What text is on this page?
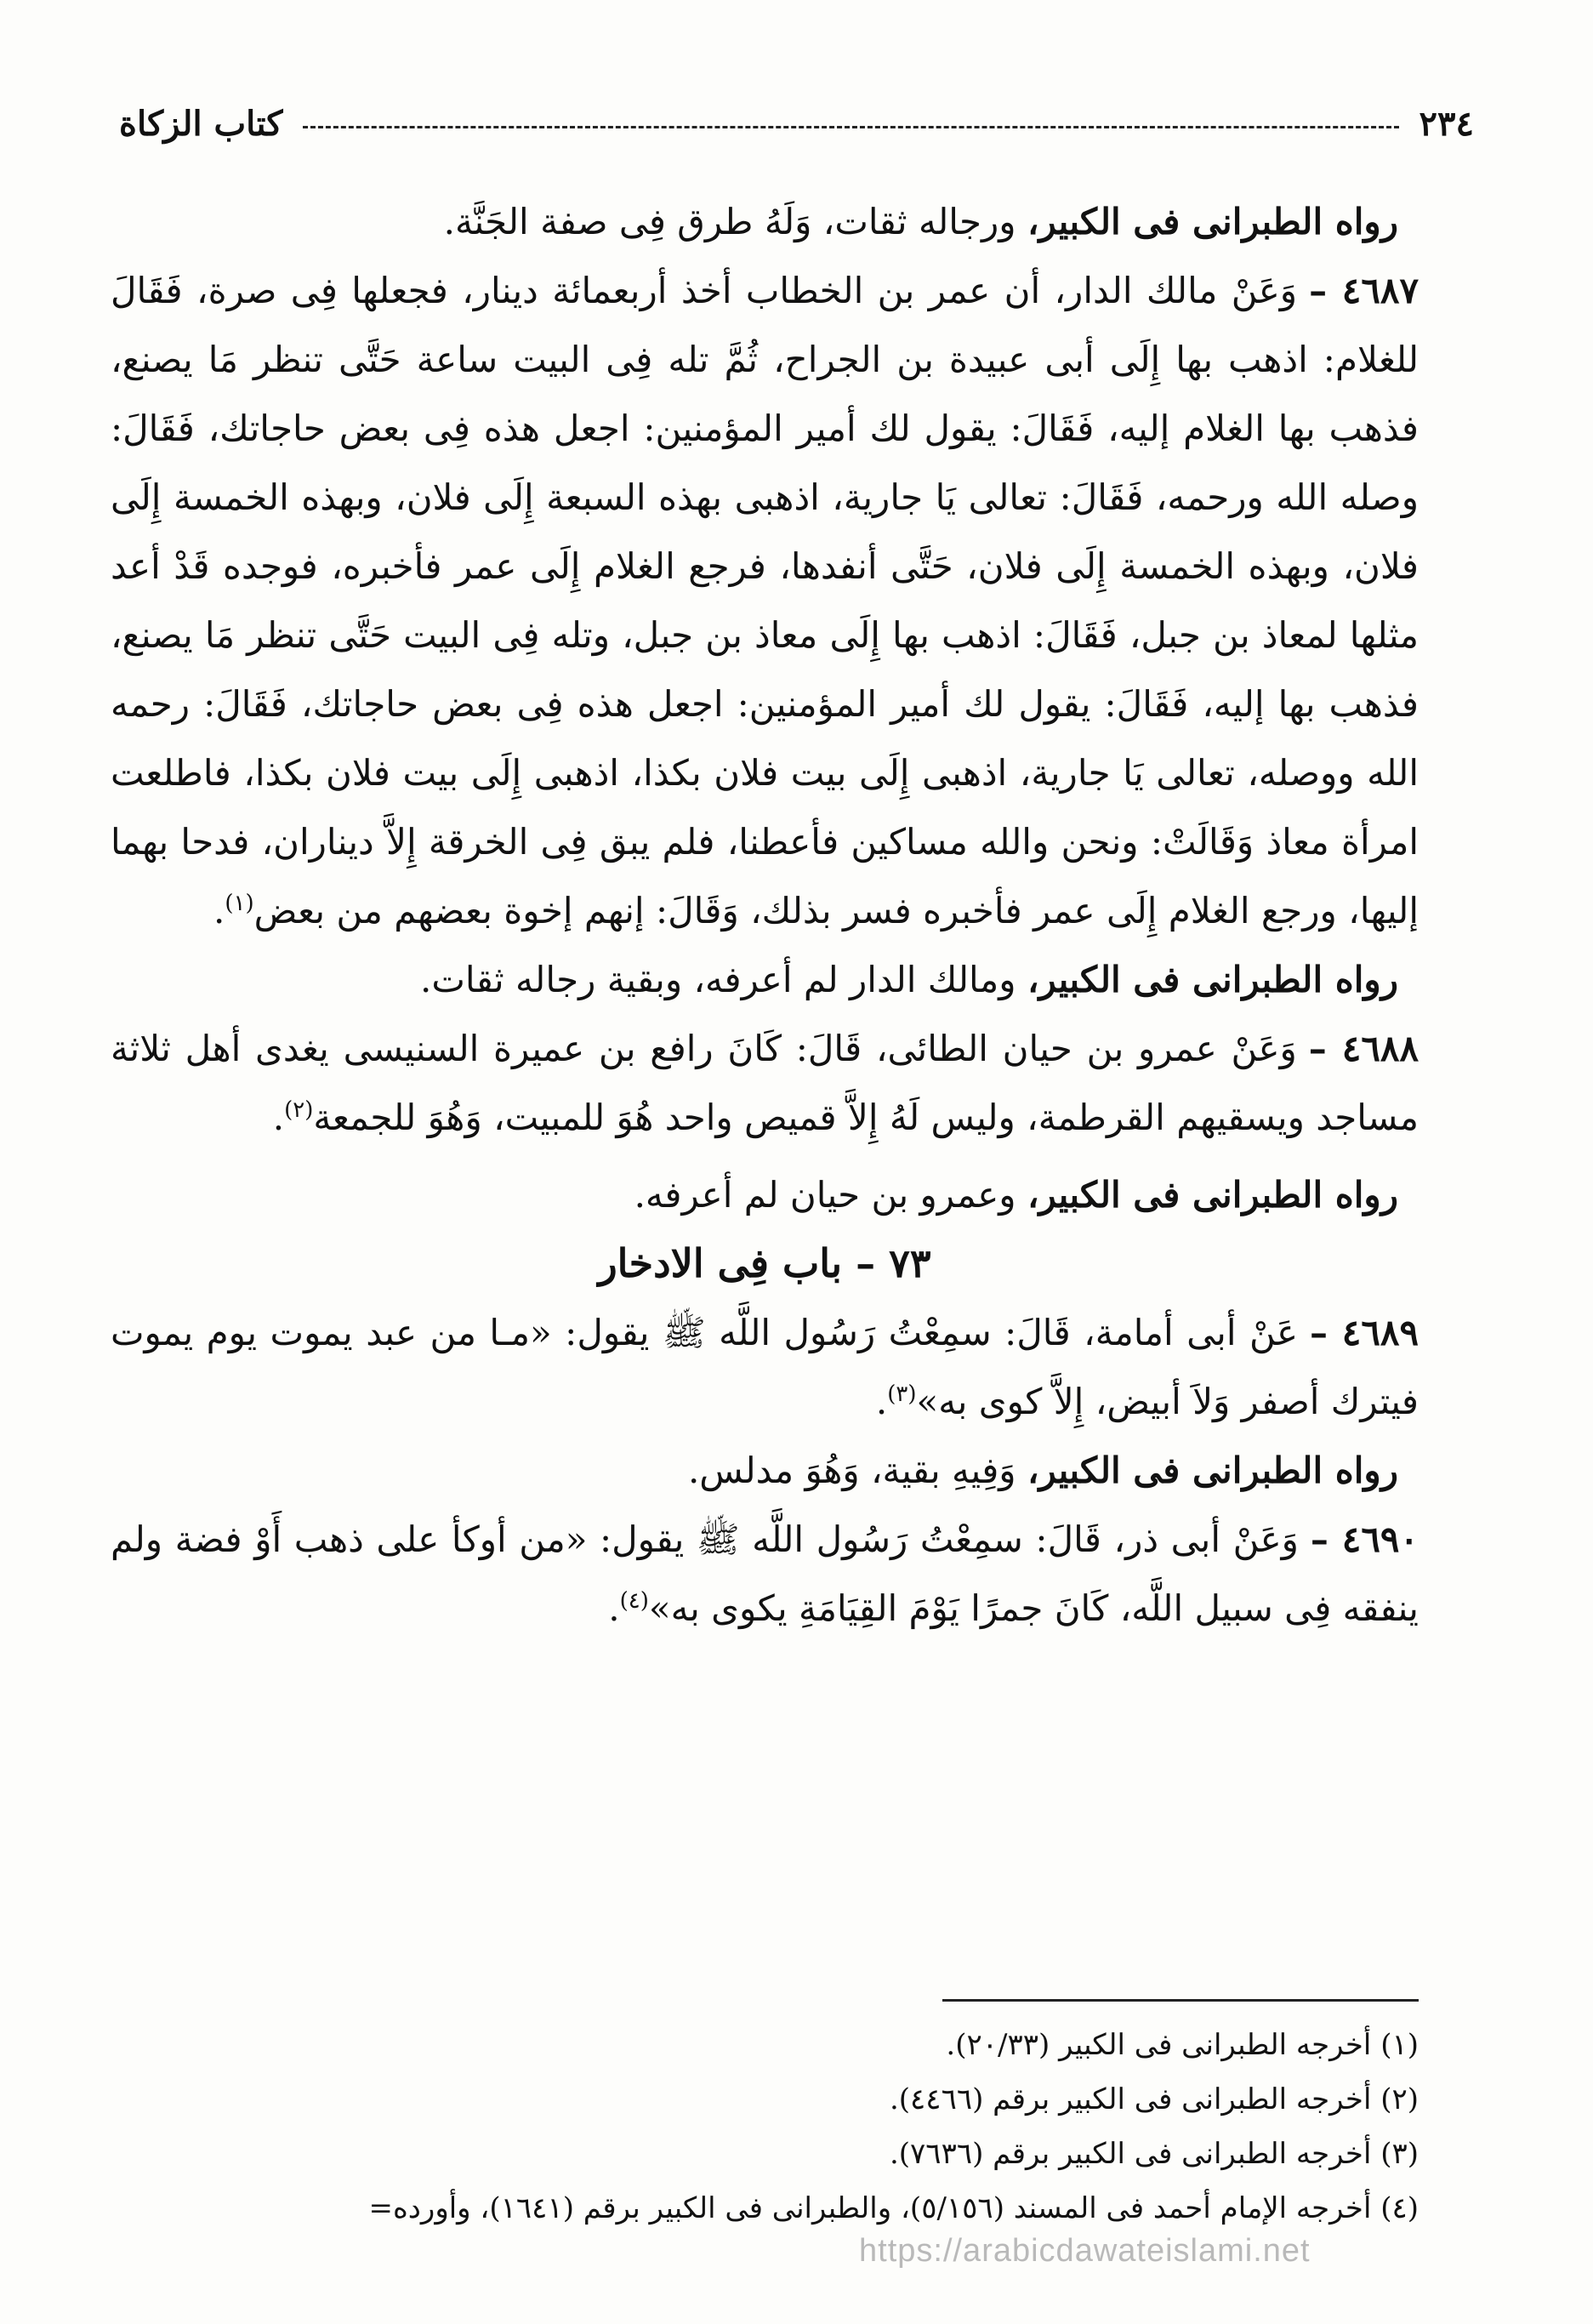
٢٣٤
كتاب الزكاة

رواه الطبرانى فى الكبير، ورجاله ثقات، وَلَهُ طرق فِى صفة الجَنَّة.

٤٦٨٧ –وَعَنْ مالك الدار، أن عمر بن الخطاب أخذ أربعمائة دينار، فجعلها فِى صرة، فَقَالَ للغلام: اذهب بها إِلَى أبى عبيدة بن الجراح، ثُمَّ تله فِى البيت ساعة حَتَّى تنظر مَا يصنع، فذهب بها الغلام إليه، فَقَالَ: يقول لك أمير المؤمنين: اجعل هذه فِى بعض حاجاتك، فَقَالَ: وصله الله ورحمه، فَقَالَ: تعالى يَا جارية، اذهبى بهذه السبعة إِلَى فلان، وبهذه الخمسة إِلَى فلان، وبهذه الخمسة إِلَى فلان، حَتَّى أنفدها، فرجع الغلام إِلَى عمر فأخبره، فوجده قَدْ أعد مثلها لمعاذ بن جبل، فَقَالَ: اذهب بها إِلَى معاذ بن جبل، وتله فِى البيت حَتَّى تنظر مَا يصنع، فذهب بها إليه، فَقَالَ: يقول لك أمير المؤمنين: اجعل هذه فِى بعض حاجاتك، فَقَالَ: رحمه الله ووصله، تعالى يَا جارية، اذهبى إِلَى بيت فلان بكذا، اذهبى إِلَى بيت فلان بكذا، فاطلعت امرأة معاذ وَقَالَتْ: ونحن والله مساكين فأعطنا، فلم يبق فِى الخرقة إِلاَّ ديناران، فدحا بهما إليها، ورجع الغلام إِلَى عمر فأخبره فسر بذلك، وَقَالَ: إنهم إخوة بعضهم من بعض$^{(١)}$.

رواه الطبرانى فى الكبير، ومالك الدار لم أعرفه، وبقية رجاله ثقات.

٤٦٨٨ –وَعَنْ عمرو بن حيان الطائى، قَالَ: كَانَ رافع بن عميرة السنيسى يغدى أهل ثلاثة مساجد ويسقيهم القرطمة، وليس لَهُ إِلاَّ قميص واحد هُوَ للمبيت، وَهُوَ للجمعة$^{(٢)}$.

رواه الطبرانى فى الكبير، وعمرو بن حيان لم أعرفه.

٧٣ – باب فِى الادخار

٤٦٨٩ –عَنْ أبى أمامة، قَالَ: سمِعْتُ رَسُول اللَّه ﷺ يقول: «مـا من عبد يموت يوم يموت فيترك أصفر وَلاَ أبيض، إِلاَّ كوى به»$^{(٣)}$.

رواه الطبرانى فى الكبير، وَفِيهِ بقية، وَهُوَ مدلس.

٤٦٩٠ –وَعَنْ أبى ذر، قَالَ: سمِعْتُ رَسُول اللَّه ﷺ يقول: «من أوكأ على ذهب أَوْ فضة ولم ينفقه فِى سبيل اللَّه، كَانَ جمرًا يَوْمَ القِيَامَةِ يكوى به»$^{(٤)}$.

(١) أخرجه الطبرانى فى الكبير (٢٠/٣٣).

(٢) أخرجه الطبرانى فى الكبير برقم (٤٤٦٦).

(٣) أخرجه الطبرانى فى الكبير برقم (٧٦٣٦).

(٤) أخرجه الإمام أحمد فى المسند (٥/١٥٦)، والطبرانى فى الكبير برقم (١٦٤١)، وأورده=

https://arabicdawateislami.net
